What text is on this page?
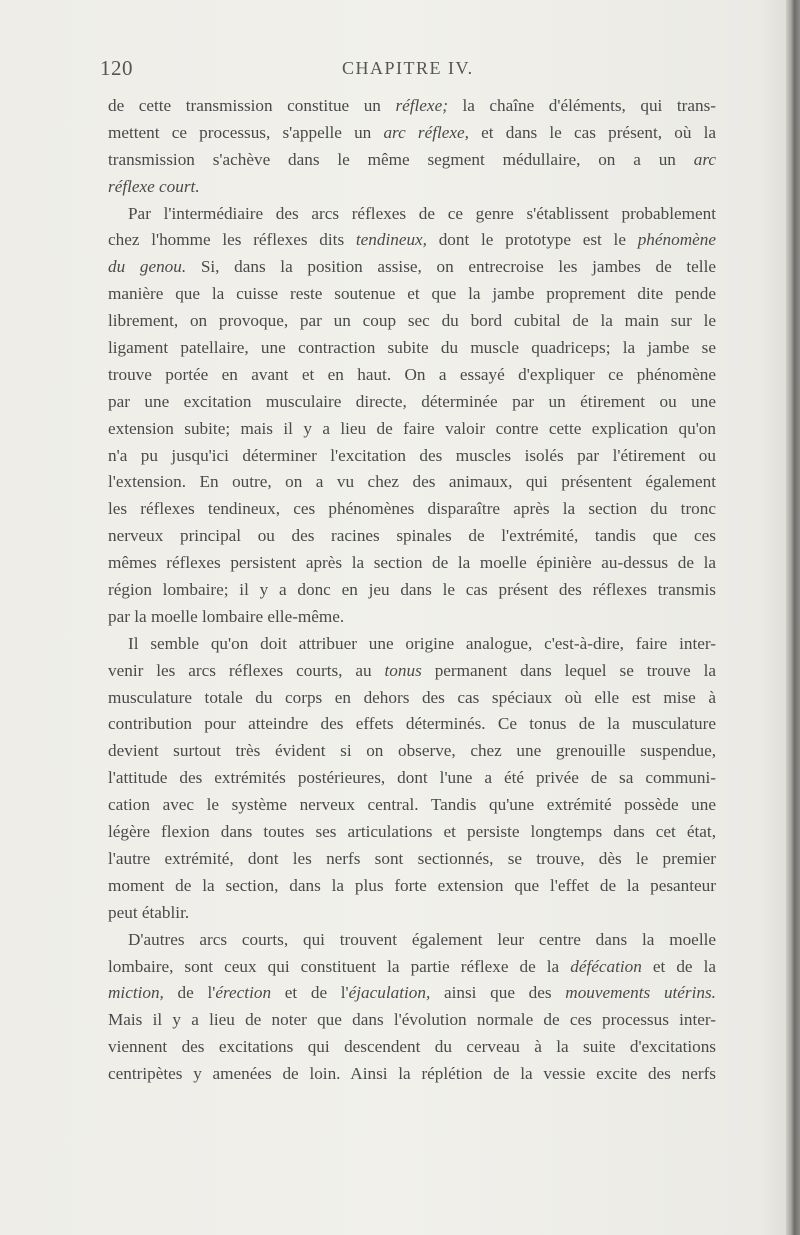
120	CHAPITRE IV.
de cette transmission constitue un réflexe; la chaîne d'éléments, qui trans-
mettent ce processus, s'appelle un arc réflexe, et dans le cas présent, où la
transmission s'achève dans le même segment médullaire, on a un arc
réflexe court.
Par l'intermédiaire des arcs réflexes de ce genre s'établissent probablement
chez l'homme les réflexes dits tendineux, dont le prototype est le phénomène
du genou. Si, dans la position assise, on entrecroise les jambes de telle
manière que la cuisse reste soutenue et que la jambe proprement dite pende
librement, on provoque, par un coup sec du bord cubital de la main sur le
ligament patellaire, une contraction subite du muscle quadriceps; la jambe se
trouve portée en avant et en haut. On a essayé d'expliquer ce phénomène
par une excitation musculaire directe, déterminée par un étirement ou une
extension subite; mais il y a lieu de faire valoir contre cette explication qu'on
n'a pu jusqu'ici déterminer l'excitation des muscles isolés par l'étirement ou
l'extension. En outre, on a vu chez des animaux, qui présentent également
les réflexes tendineux, ces phénomènes disparaître après la section du tronc
nerveux principal ou des racines spinales de l'extrémité, tandis que ces
mêmes réflexes persistent après la section de la moelle épinière au-dessus de la
région lombaire; il y a donc en jeu dans le cas présent des réflexes transmis
par la moelle lombaire elle-même.
Il semble qu'on doit attribuer une origine analogue, c'est-à-dire, faire inter-
venir les arcs réflexes courts, au tonus permanent dans lequel se trouve la
musculature totale du corps en dehors des cas spéciaux où elle est mise à
contribution pour atteindre des effets déterminés. Ce tonus de la musculature
devient surtout très évident si on observe, chez une grenouille suspendue,
l'attitude des extrémités postérieures, dont l'une a été privée de sa communi-
cation avec le système nerveux central. Tandis qu'une extrémité possède une
légère flexion dans toutes ses articulations et persiste longtemps dans cet état,
l'autre extrémité, dont les nerfs sont sectionnés, se trouve, dès le premier
moment de la section, dans la plus forte extension que l'effet de la pesanteur
peut établir.
D'autres arcs courts, qui trouvent également leur centre dans la moelle
lombaire, sont ceux qui constituent la partie réflexe de la défécation et de la
miction, de l'érection et de l'éjaculation, ainsi que des mouvements utérins.
Mais il y a lieu de noter que dans l'évolution normale de ces processus inter-
viennent des excitations qui descendent du cerveau à la suite d'excitations
centripètes y amenées de loin. Ainsi la réplétion de la vessie excite des nerfs
